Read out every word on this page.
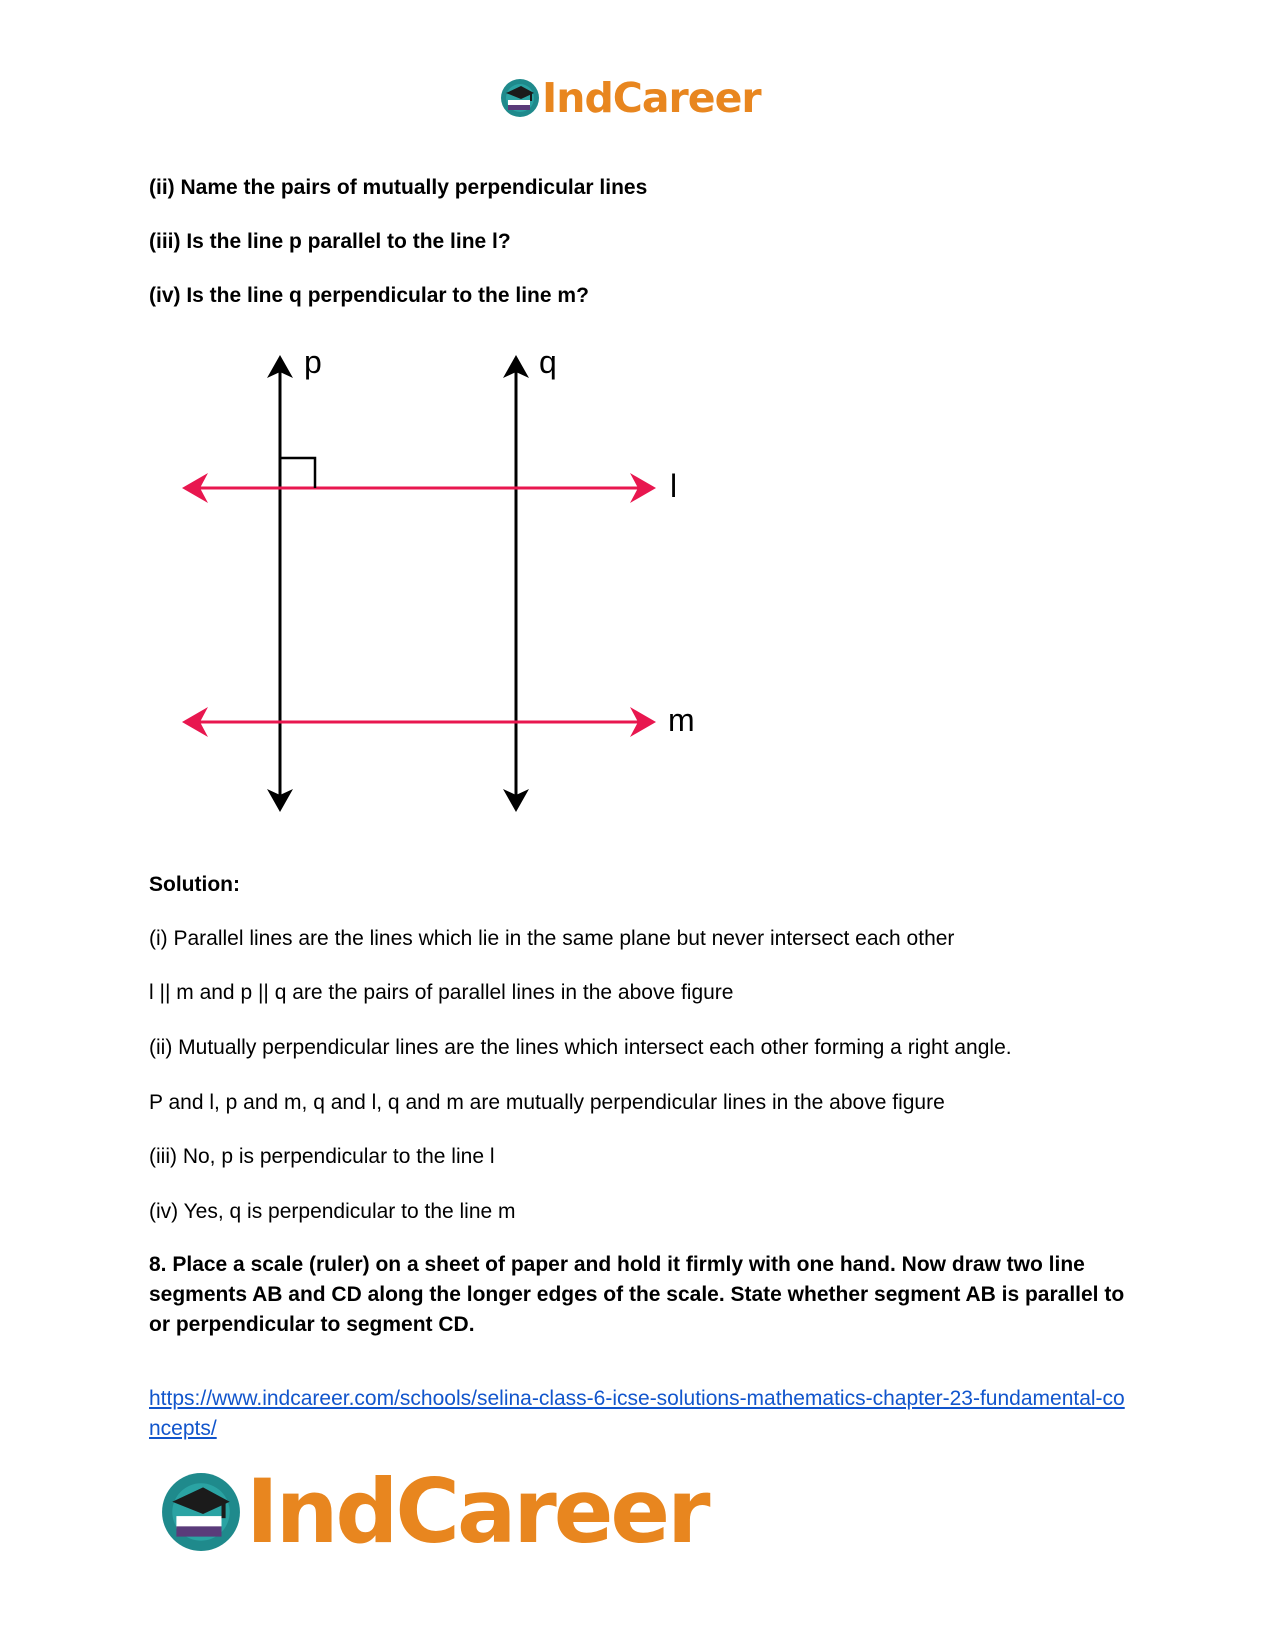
IndCareer

(ii) Name the pairs of mutually perpendicular lines

(iii) Is the line p parallel to the line l?

(iv) Is the line q perpendicular to the line m?

p	q
l
m

Solution:

(i) Parallel lines are the lines which lie in the same plane but never intersect each other

l || m and p || q are the pairs of parallel lines in the above figure

(ii) Mutually perpendicular lines are the lines which intersect each other forming a right angle.

P and l, p and m, q and l, q and m are mutually perpendicular lines in the above figure

(iii) No, p is perpendicular to the line l

(iv) Yes, q is perpendicular to the line m

8. Place a scale (ruler) on a sheet of paper and hold it firmly with one hand. Now draw two line segments AB and CD along the longer edges of the scale. State whether segment AB is parallel to or perpendicular to segment CD.

https://www.indcareer.com/schools/selina-class-6-icse-solutions-mathematics-chapter-23-fundamental-concepts/
IndCareer
